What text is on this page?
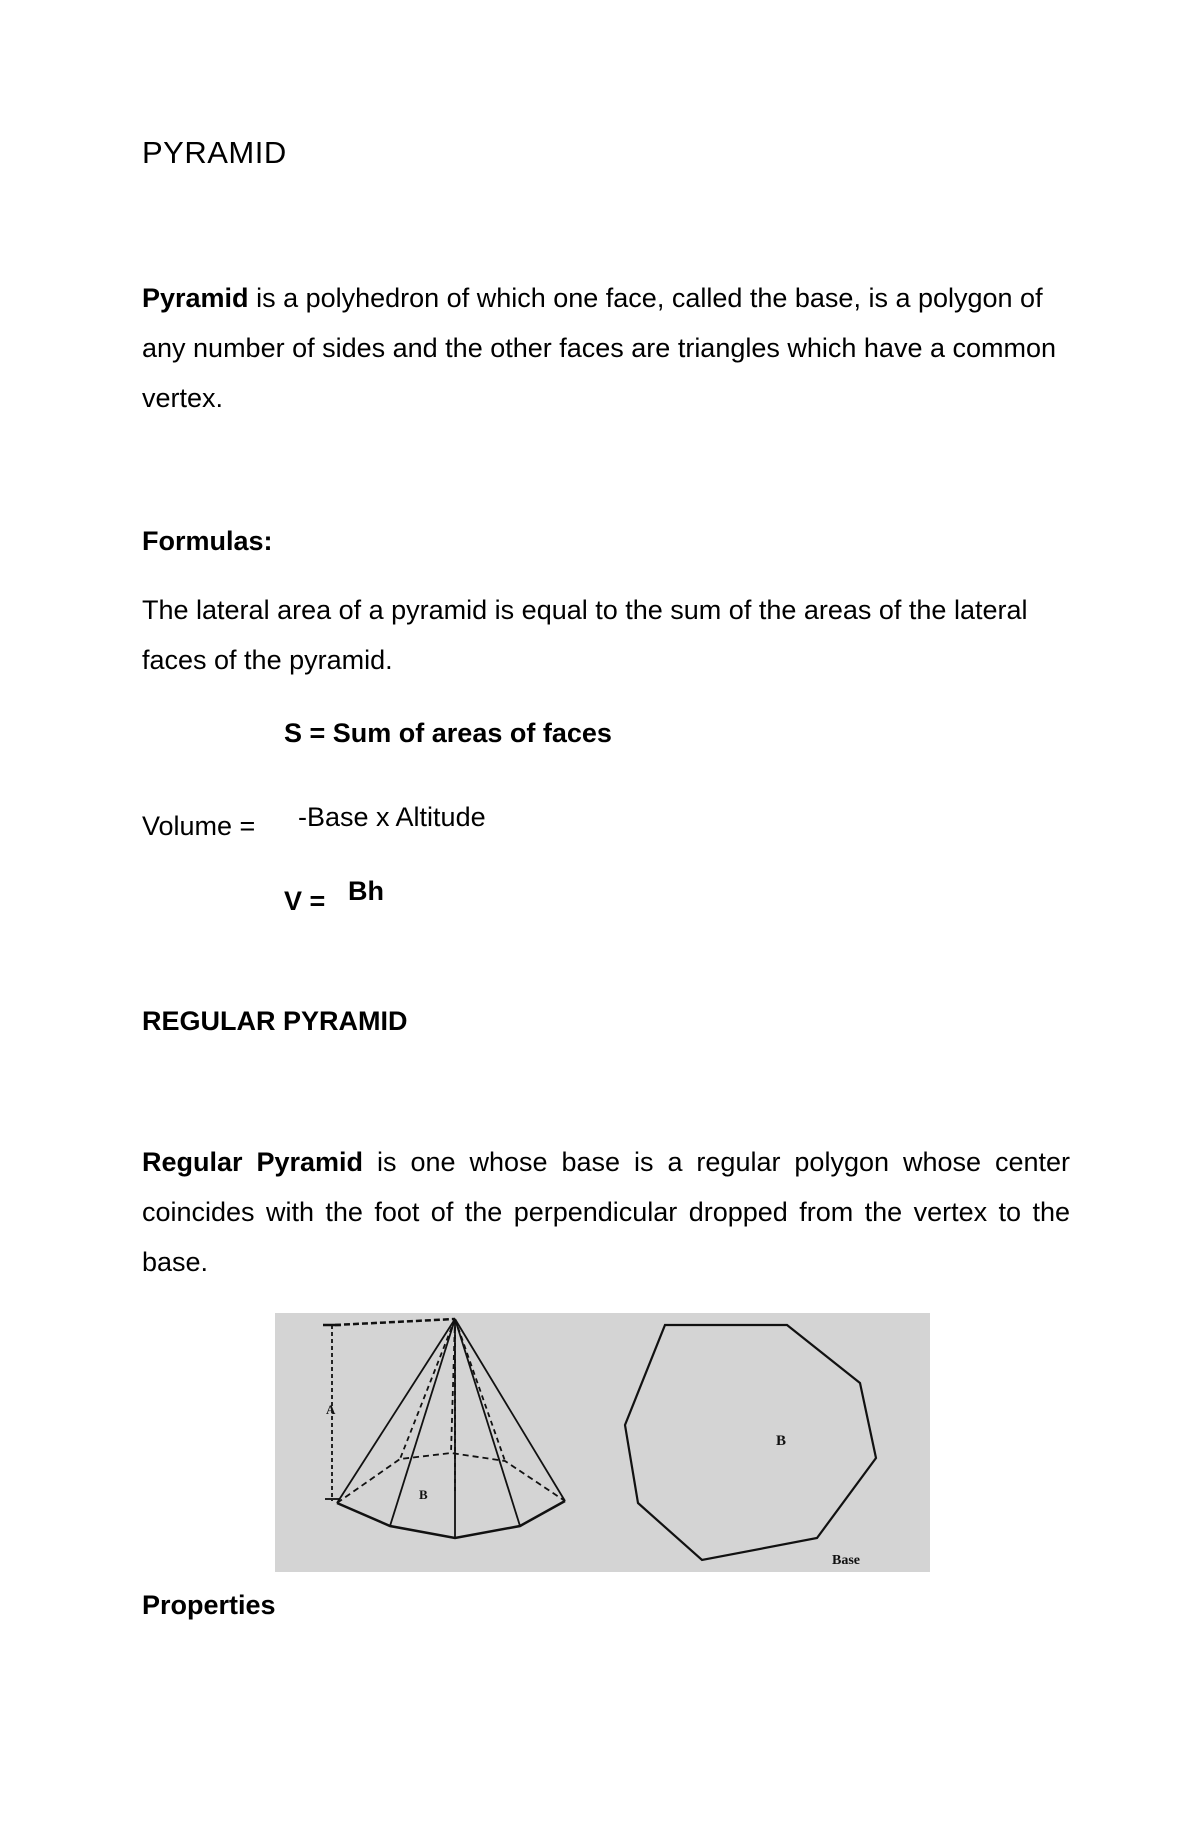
PYRAMID
Pyramid is a polyhedron of which one face, called the base, is a polygon of any number of sides and the other faces are triangles which have a common vertex.
Formulas:
The lateral area of a pyramid is equal to the sum of the areas of the lateral faces of the pyramid.
S = Sum of areas of faces
Volume = -Base x Altitude
V = Bh
REGULAR PYRAMID
Regular Pyramid is one whose base is a regular polygon whose center coincides with the foot of the perpendicular dropped from the vertex to the base.
A
B
B
Base
Properties
